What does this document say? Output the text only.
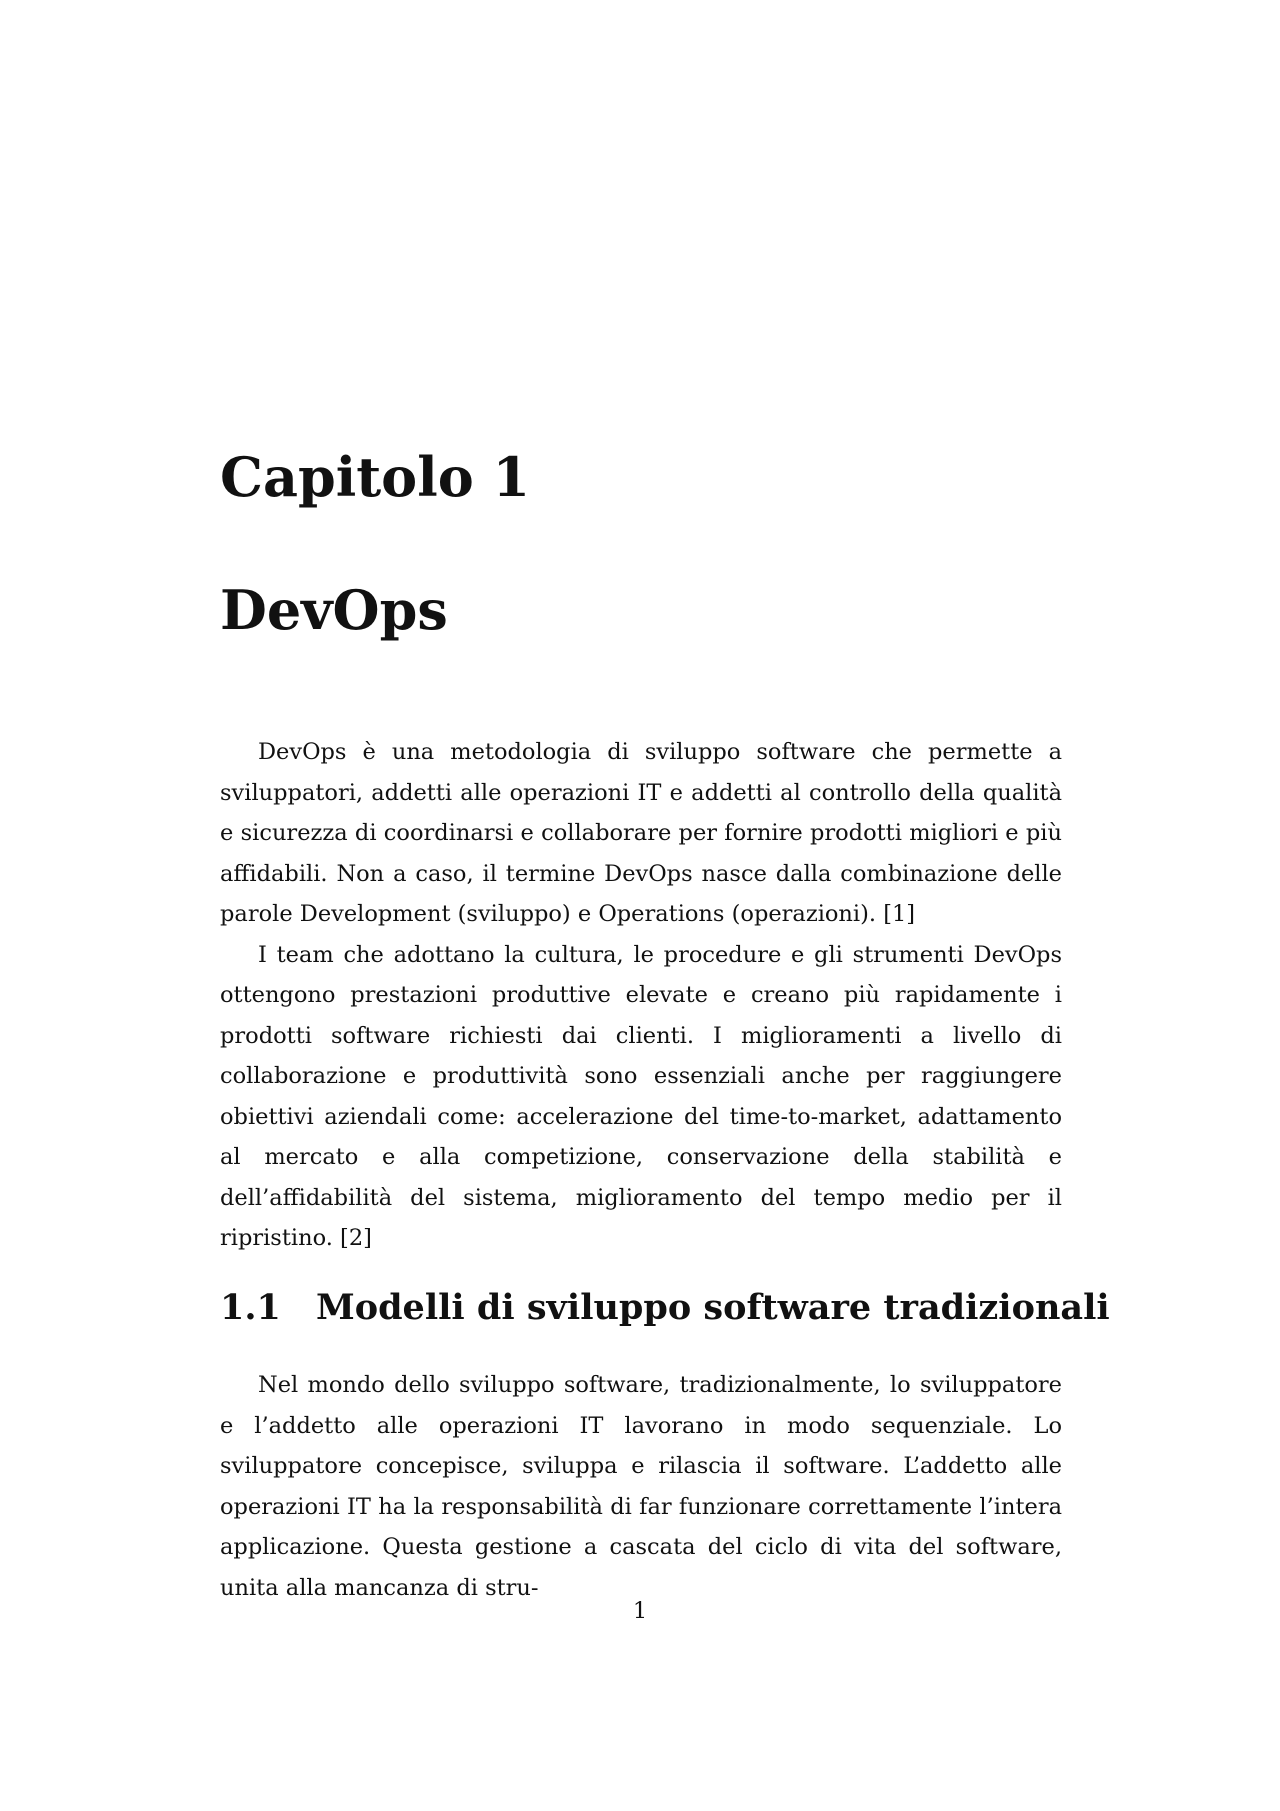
Capitolo 1
DevOps

DevOps è una metodologia di sviluppo software che permette a sviluppatori, addetti alle operazioni IT e addetti al controllo della qualità e sicurezza di coordinarsi e collaborare per fornire prodotti migliori e più affidabili. Non a caso, il termine DevOps nasce dalla combinazione delle parole Development (sviluppo) e Operations (operazioni). [1]

I team che adottano la cultura, le procedure e gli strumenti DevOps ottengono prestazioni produttive elevate e creano più rapidamente i prodotti software richiesti dai clienti. I miglioramenti a livello di collaborazione e produttività sono essenziali anche per raggiungere obiettivi aziendali come: accelerazione del time-to-market, adattamento al mercato e alla competizione, conservazione della stabilità e dell’affidabilità del sistema, miglioramento del tempo medio per il ripristino. [2]

1.1 Modelli di sviluppo software tradizionali

Nel mondo dello sviluppo software, tradizionalmente, lo sviluppatore e l’addetto alle operazioni IT lavorano in modo sequenziale. Lo sviluppatore concepisce, sviluppa e rilascia il software. L’addetto alle operazioni IT ha la responsabilità di far funzionare correttamente l’intera applicazione. Questa gestione a cascata del ciclo di vita del software, unita alla mancanza di stru-

1
